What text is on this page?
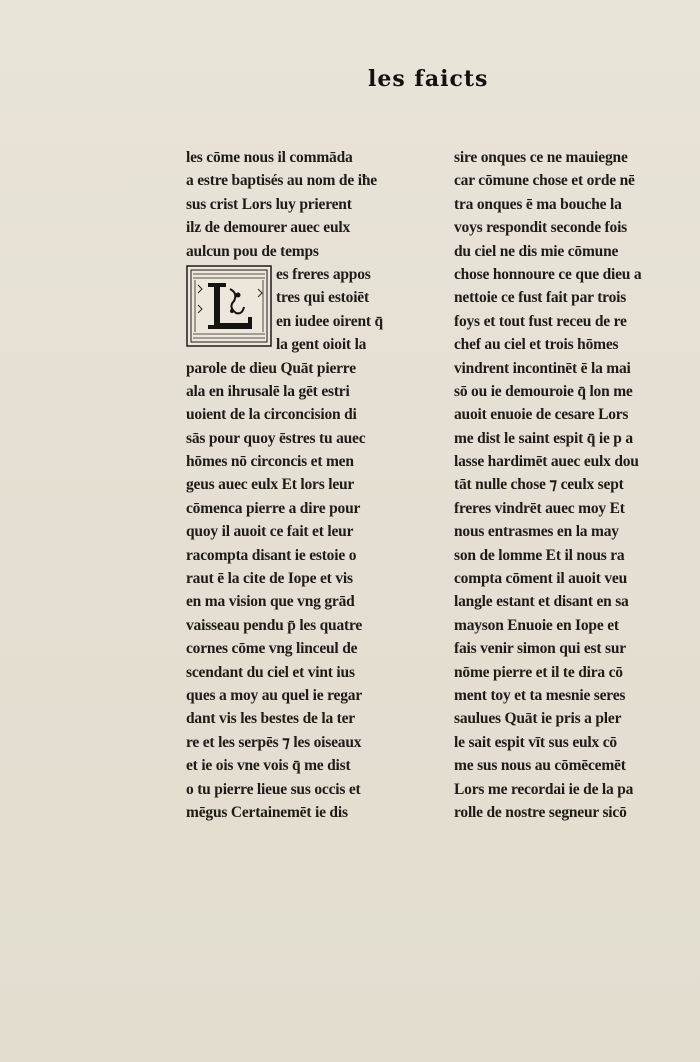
les faicts
les cōme nous il commāda
a estre baptisés au nom de iħe
sus crist Lors luy prierent
ilz de demourer auec eulx
aulcun pou de temps
es freres appos
tres qui estoiēt
en iudee oirent q̄
la gent oioit la
parole de dieu Quāt pierre
ala en ihrusalē la gēt estri
uoient de la circoncision di
sās pour quoy ēstres tu auec
hōmes nō circoncis et men
geus auec eulx Et lors leur
cōmenca pierre a dire pour
quoy il auoit ce fait et leur
racompta disant ie estoie o
raut ē la cite de Iope et vis
en ma vision que vng grād
vaisseau pendu p̄ les quatre
cornes cōme vng linceul de
scendant du ciel et vint ius
ques a moy au quel ie regar
dant vis les bestes de la ter
re et les serpēs ⁊ les oiseaux
et ie ois vne vois q̄ me dist
o tu pierre lieue sus occis et
mēgus Certainemēt ie dis
sire onques ce ne mauiegne
car cōmune chose et orde nē
tra onques ē ma bouche la
voys respondit seconde fois
du ciel ne dis mie cōmune
chose honnoure ce que dieu a
nettoie ce fust fait par trois
foys et tout fust receu de re
chef au ciel et trois hōmes
vindrent incontinēt ē la mai
sō ou ie demouroie q̄ lon me
auoit enuoie de cesare Lors
me dist le saint espit q̄ ie p a
lasse hardimēt auec eulx dou
tāt nulle chose ⁊ ceulx sept
freres vindrēt auec moy Et
nous entrasmes en la may
son de lomme Et il nous ra
compta cōment il auoit veu
langle estant et disant en sa
mayson Enuoie en Iope et
fais venir simon qui est sur
nōme pierre et il te dira cō
ment toy et ta mesnie seres
saulues Quāt ie pris a pler
le sait espit vīt sus eulx cō
me sus nous au cōmēcemēt
Lors me recordai ie de la pa
rolle de nostre segneur sicō
